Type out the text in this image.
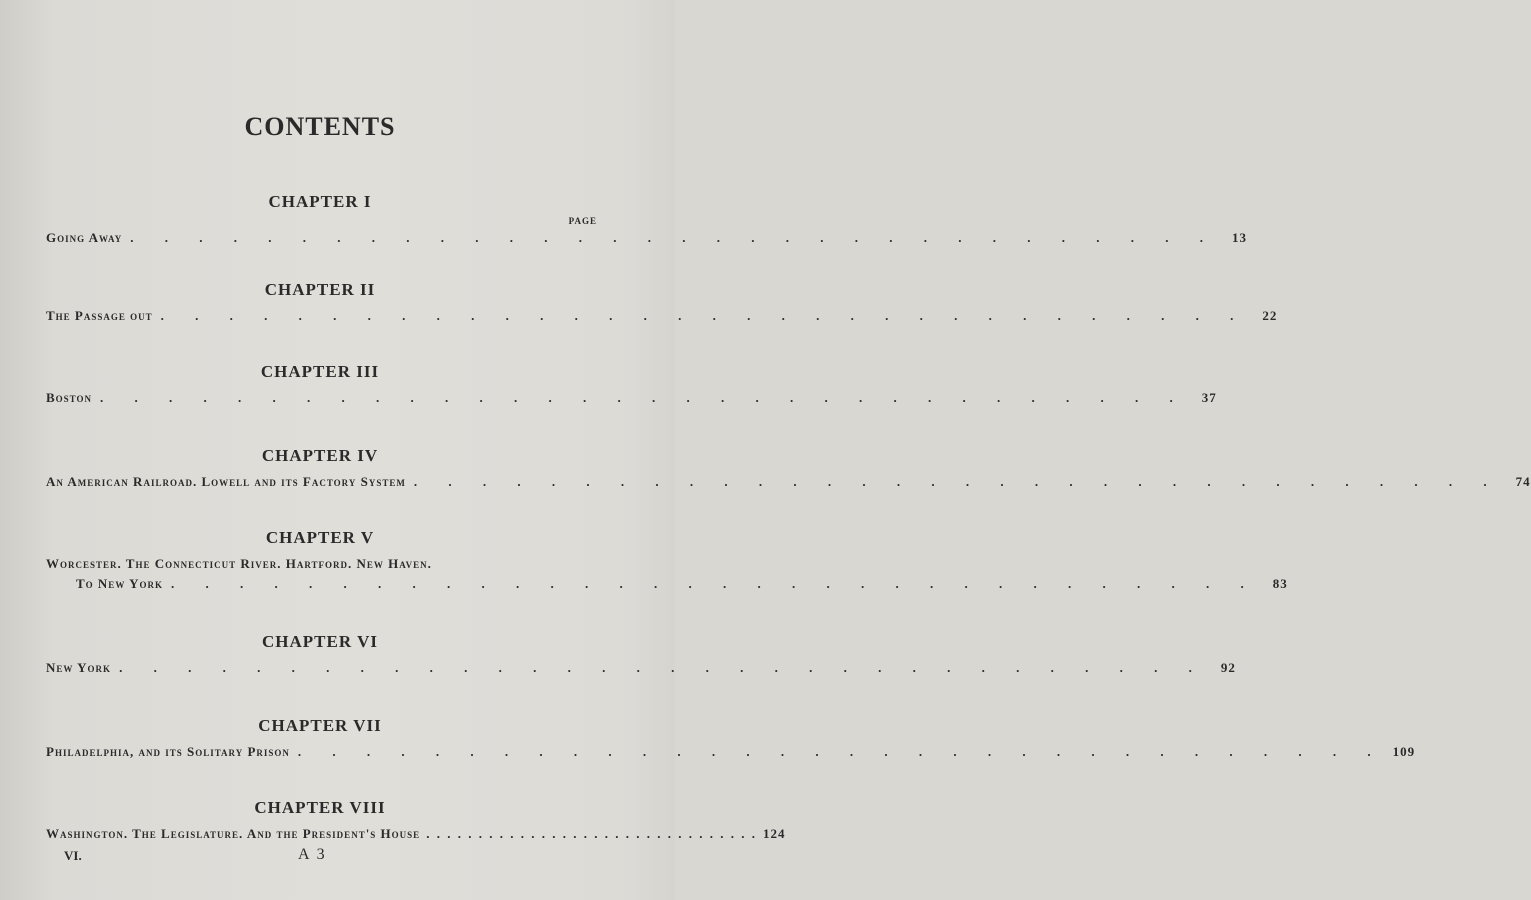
CONTENTS
CHAPTER I
PAGE
Going Away . . . . . . . . . . . . . . . . . . . . . . . . . . . . . . . .	13
CHAPTER II
The Passage out . . . . . . . . . . . . . . . . . . . . . . . . . . . . . . . .	22
CHAPTER III
Boston . . . . . . . . . . . . . . . . . . . . . . . . . . . . . . . .	37
CHAPTER IV
An American Railroad. Lowell and its Factory System . . . . . . . . . . . . . . . . . . . . . . . . . . . . . . . .	74
CHAPTER V
Worcester. The Connecticut River. Hartford. New Haven.
To New York . . . . . . . . . . . . . . . . . . . . . . . . . . . . . . . .	83
CHAPTER VI
New York . . . . . . . . . . . . . . . . . . . . . . . . . . . . . . . .	92
CHAPTER VII
Philadelphia, and its Solitary Prison . . . . . . . . . . . . . . . . . . . . . . . . . . . . . . . . 109
CHAPTER VIII
Washington. The Legislature. And the President's House . . . . . . . . . . . . . . . . . . . . . . . . . . . . . . . . 124
VI.	A 3
